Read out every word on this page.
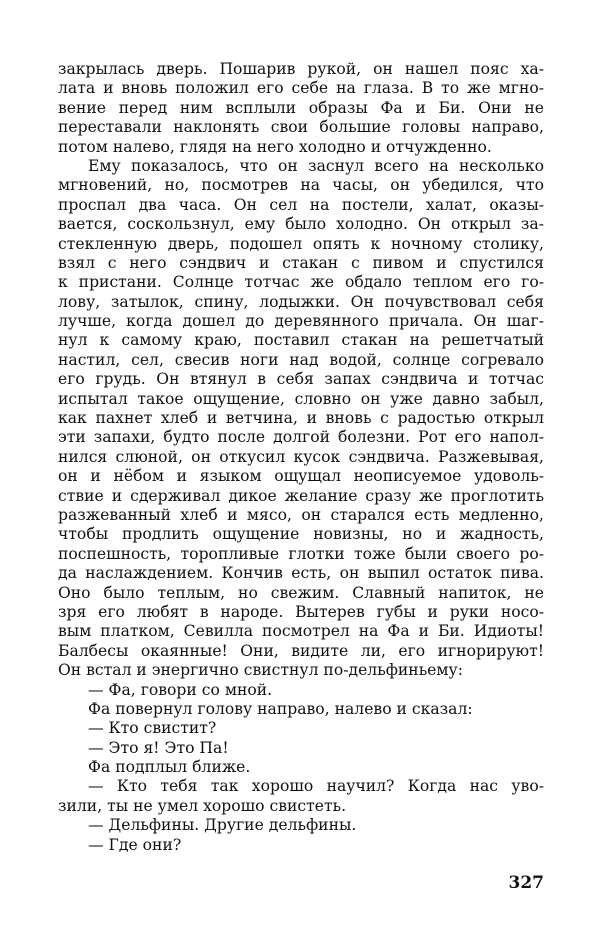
закрылась дверь. Пошарив рукой, он нашел пояс ха-
лата и вновь положил его себе на глаза. В то же мгно-
вение перед ним всплыли образы Фа и Би. Они не
переставали наклонять свои большие головы направо,
потом налево, глядя на него холодно и отчужденно.
Ему показалось, что он заснул всего на несколько
мгновений, но, посмотрев на часы, он убедился, что
проспал два часа. Он сел на постели, халат, оказы-
вается, соскользнул, ему было холодно. Он открыл за-
стекленную дверь, подошел опять к ночному столику,
взял с него сэндвич и стакан с пивом и спустился
к пристани. Солнце тотчас же обдало теплом его го-
лову, затылок, спину, лодыжки. Он почувствовал себя
лучше, когда дошел до деревянного причала. Он шаг-
нул к самому краю, поставил стакан на решетчатый
настил, сел, свесив ноги над водой, солнце согревало
его грудь. Он втянул в себя запах сэндвича и тотчас
испытал такое ощущение, словно он уже давно забыл,
как пахнет хлеб и ветчина, и вновь с радостью открыл
эти запахи, будто после долгой болезни. Рот его напол-
нился слюной, он откусил кусок сэндвича. Разжевывая,
он и нёбом и языком ощущал неописуемое удоволь-
ствие и сдерживал дикое желание сразу же проглотить
разжеванный хлеб и мясо, он старался есть медленно,
чтобы продлить ощущение новизны, но и жадность,
поспешность, торопливые глотки тоже были своего ро-
да наслаждением. Кончив есть, он выпил остаток пива.
Оно было теплым, но свежим. Славный напиток, не
зря его любят в народе. Вытерев губы и руки носо-
вым платком, Севилла посмотрел на Фа и Би. Идиоты!
Балбесы окаянные! Они, видите ли, его игнорируют!
Он встал и энергично свистнул по-дельфиньему:
— Фа, говори со мной.
Фа повернул голову направо, налево и сказал:
— Кто свистит?
— Это я! Это Па!
Фа подплыл ближе.
— Кто тебя так хорошо научил? Когда нас уво-
зили, ты не умел хорошо свистеть.
— Дельфины. Другие дельфины.
— Где они?
327
